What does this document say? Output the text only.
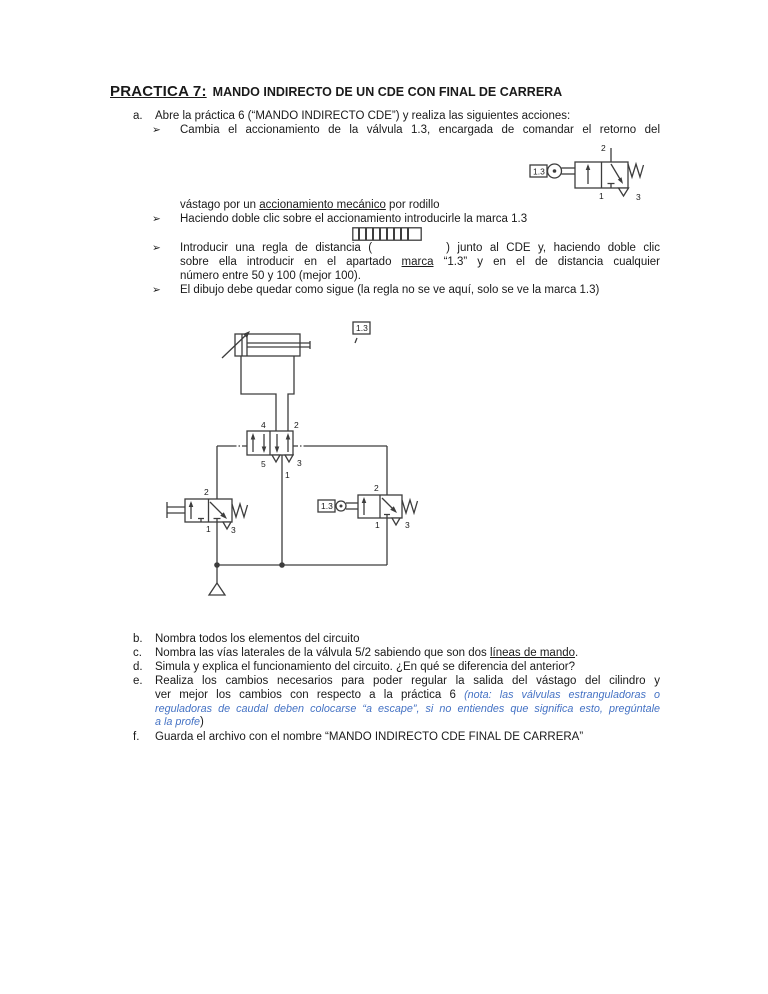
PRACTICA 7: MANDO INDIRECTO DE UN CDE CON FINAL DE CARRERA
a. Abre la práctica 6 (“MANDO INDIRECTO CDE”) y realiza las siguientes acciones:
➢ Cambia el accionamiento de la válvula 1.3, encargada de comandar el retorno del
vástago por un accionamiento mecánico por rodillo
➢ Haciendo doble clic sobre el accionamiento introducirle la marca 1.3
➢ Introducir una regla de distancia (	) junto al CDE y, haciendo doble clic
sobre ella introducir en el apartado marca “1.3” y en el de distancia cualquier
número entre 50 y 100 (mejor 100).
➢ El dibujo debe quedar como sigue (la regla no se ve aquí, solo se ve la marca 1.3)
1.3
2
1	3
1.3
4	2
5	3
1
2
1 3
1.3
2
1	3
b. Nombra todos los elementos del circuito
c. Nombra las vías laterales de la válvula 5/2 sabiendo que son dos líneas de mando.
d. Simula y explica el funcionamiento del circuito. ¿En qué se diferencia del anterior?
e. Realiza los cambios necesarios para poder regular la salida del vástago del cilindro y
ver mejor los cambios con respecto a la práctica 6 (nota: las válvulas estranguladoras o
reguladoras de caudal deben colocarse “a escape”, si no entiendes que significa esto, pregúntale
a la profe)
f. Guarda el archivo con el nombre “MANDO INDIRECTO CDE FINAL DE CARRERA”
